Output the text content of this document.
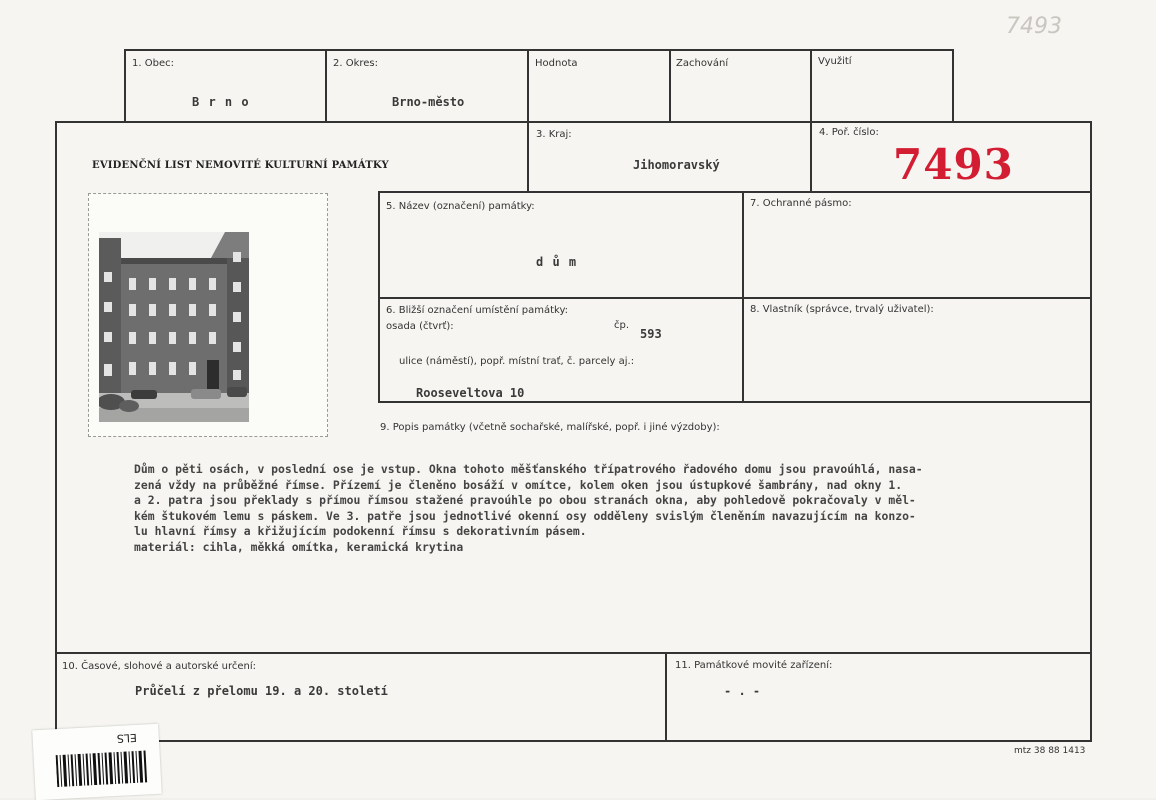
7493
1. Obec:
B r n o
2. Okres:
Brno-město
Hodnota	Zachování	Využití
EVIDENČNÍ LIST NEMOVITÉ KULTURNÍ PAMÁTKY
3. Kraj:
Jihomoravský
4. Poř. číslo:
7493
5. Název (označení) památky:
d ů m
7. Ochranné pásmo:
6. Bližší označení umístění památky:
osada (čtvrť):	čp.
593
ulice (náměstí), popř. místní trať, č. parcely aj.:
Rooseveltova 10
8. Vlastník (správce, trvalý uživatel):
9. Popis památky (včetně sochařské, malířské, popř. i jiné výzdoby):
Dům o pěti osách, v poslední ose je vstup. Okna tohoto měšťanského třípatrového řadového domu jsou pravoúhlá, nasa-
zená vždy na průběžné římse. Přízemí je členěno bosáží v omítce, kolem oken jsou ústupkové šambrány, nad okny 1.
a 2. patra jsou překlady s přímou římsou stažené pravoúhle po obou stranách okna, aby pohledově pokračovaly v měl-
kém štukovém lemu s páskem. Ve 3. patře jsou jednotlivé okenní osy odděleny svislým členěním navazujícím na konzo-
lu hlavní římsy a křižujícím podokenní římsu s dekorativním pásem.
materiál: cihla, měkká omítka, keramická krytina
10. Časové, slohové a autorské určení:
Průčelí z přelomu 19. a 20. století
11. Památkové movité zařízení:
- . -
ELS
mtz 38 88 1413
